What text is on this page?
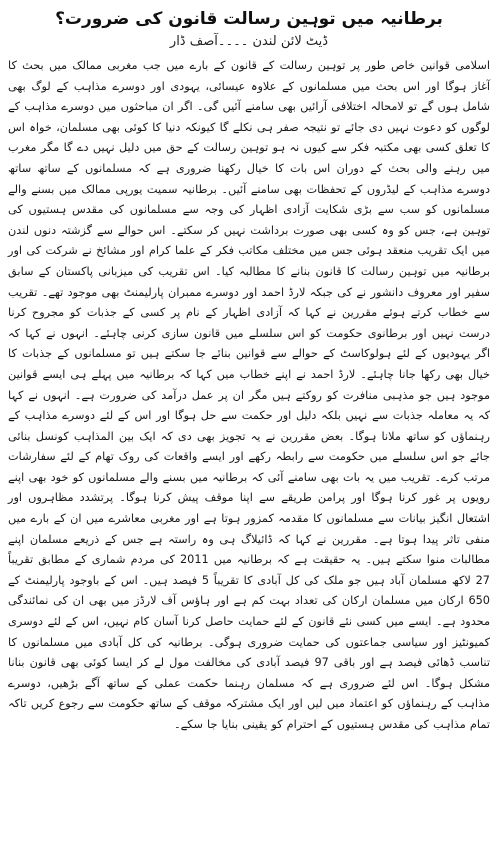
برطانیہ میں توہین رسالت قانون کی ضرورت؟
ڈیٹ لائن لندن ۔۔۔۔آصف ڈار
اسلامی قوانین خاص طور پر توہین رسالت کے قانون کے بارے میں جب مغربی ممالک میں بحث کا آغاز ہوگا اور اس بحث میں مسلمانوں کے علاوہ عیسائی، یہودی اور دوسرے مذاہب کے لوگ بھی شامل ہوں گے تو لامحالہ اختلافی آرائیں بھی سامنے آئیں گی۔ اگر ان مباحثوں میں دوسرے مذاہب کے لوگوں کو دعوت نہیں دی جائے تو نتیجہ صفر ہی نکلے گا کیونکہ دنیا کا کوئی بھی مسلمان، خواہ اس کا تعلق کسی بھی مکتبہ فکر سے کیوں نہ ہو توہین رسالت کے حق میں دلیل نہیں دے گا مگر مغرب میں رہنے والی بحث کے دوران اس بات کا خیال رکھنا ضروری ہے کہ مسلمانوں کے ساتھ ساتھ دوسرے مذاہب کے لیڈروں کے تحفظات بھی سامنے آئیں۔ برطانیہ سمیت یورپی ممالک میں بسنے والے مسلمانوں کو سب سے بڑی شکایت آزادی اظہار کی وجہ سے مسلمانوں کی مقدس ہستیوں کی توہین ہے، جس کو وہ کسی بھی صورت برداشت نہیں کر سکتے۔ اس حوالے سے گزشتہ دنوں لندن میں ایک تقریب منعقد ہوئی جس میں مختلف مکاتب فکر کے علما کرام اور مشائخ نے شرکت کی اور برطانیہ میں توہین رسالت کا قانون بنانے کا مطالبہ کیا۔ اس تقریب کی میزبانی پاکستان کے سابق سفیر اور معروف دانشور نے کی جبکہ لارڈ احمد اور دوسرے ممبران پارلیمنٹ بھی موجود تھے۔ تقریب سے خطاب کرتے ہوئے مقررین نے کہا کہ آزادی اظہار کے نام پر کسی کے جذبات کو مجروح کرنا درست نہیں اور برطانوی حکومت کو اس سلسلے میں قانون سازی کرنی چاہئے۔ انہوں نے کہا کہ اگر یہودیوں کے لئے ہولوکاسٹ کے حوالے سے قوانین بنائے جا سکتے ہیں تو مسلمانوں کے جذبات کا خیال بھی رکھا جانا چاہئے۔ لارڈ احمد نے اپنے خطاب میں کہا کہ برطانیہ میں پہلے ہی ایسے قوانین موجود ہیں جو مذہبی منافرت کو روکتے ہیں مگر ان پر عمل درآمد کی ضرورت ہے۔ انہوں نے کہا کہ یہ معاملہ جذبات سے نہیں بلکہ دلیل اور حکمت سے حل ہوگا اور اس کے لئے دوسرے مذاہب کے رہنماؤں کو ساتھ ملانا ہوگا۔ بعض مقررین نے یہ تجویز بھی دی کہ ایک بین المذاہب کونسل بنائی جائے جو اس سلسلے میں حکومت سے رابطہ رکھے اور ایسے واقعات کی روک تھام کے لئے سفارشات مرتب کرے۔ تقریب میں یہ بات بھی سامنے آئی کہ برطانیہ میں بسنے والے مسلمانوں کو خود بھی اپنے رویوں پر غور کرنا ہوگا اور پرامن طریقے سے اپنا موقف پیش کرنا ہوگا۔ پرتشدد مظاہروں اور اشتعال انگیز بیانات سے مسلمانوں کا مقدمہ کمزور ہوتا ہے اور مغربی معاشرے میں ان کے بارے میں منفی تاثر پیدا ہوتا ہے۔ مقررین نے کہا کہ ڈائیلاگ ہی وہ راستہ ہے جس کے ذریعے مسلمان اپنے مطالبات منوا سکتے ہیں۔ یہ حقیقت ہے کہ برطانیہ میں 2011 کی مردم شماری کے مطابق تقریباً 27 لاکھ مسلمان آباد ہیں جو ملک کی کل آبادی کا تقریباً 5 فیصد ہیں۔ اس کے باوجود پارلیمنٹ کے 650 ارکان میں مسلمان ارکان کی تعداد بہت کم ہے اور ہاؤس آف لارڈز میں بھی ان کی نمائندگی محدود ہے۔ ایسے میں کسی نئے قانون کے لئے حمایت حاصل کرنا آسان کام نہیں، اس کے لئے دوسری کمیونٹیز اور سیاسی جماعتوں کی حمایت ضروری ہوگی۔ برطانیہ کی کل آبادی میں مسلمانوں کا تناسب ڈھائی فیصد ہے اور باقی 97 فیصد آبادی کی مخالفت مول لے کر ایسا کوئی بھی قانون بنانا مشکل ہوگا۔ اس لئے ضروری ہے کہ مسلمان رہنما حکمت عملی کے ساتھ آگے بڑھیں، دوسرے مذاہب کے رہنماؤں کو اعتماد میں لیں اور ایک مشترکہ موقف کے ساتھ حکومت سے رجوع کریں تاکہ تمام مذاہب کی مقدس ہستیوں کے احترام کو یقینی بنایا جا سکے۔
